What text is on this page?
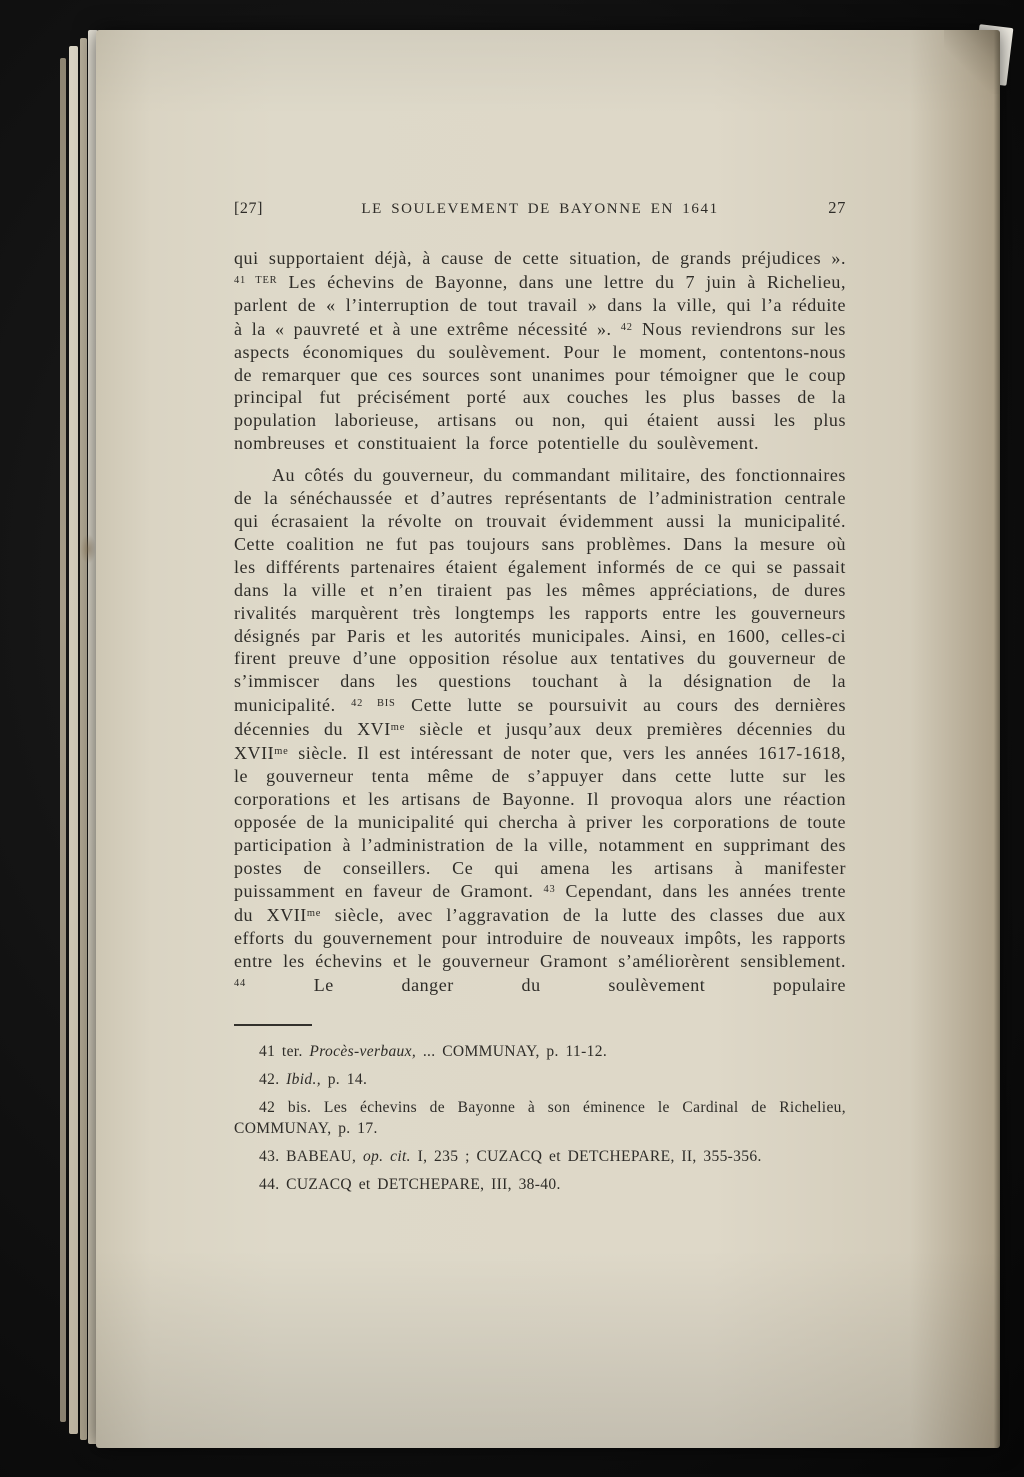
[27]	LE SOULEVEMENT DE BAYONNE EN 1641	27

qui supportaient déjà, à cause de cette situation, de grands préjudices ». $^{41 TER}$ Les échevins de Bayonne, dans une lettre du 7 juin à Richelieu, parlent de « l’interruption de tout travail » dans la ville, qui l’a réduite à la « pauvreté et à une extrême nécessité ». $^{42}$ Nous reviendrons sur les aspects économiques du soulèvement. Pour le moment, contentons-nous de remarquer que ces sources sont unanimes pour témoigner que le coup principal fut précisément porté aux couches les plus basses de la population laborieuse, artisans ou non, qui étaient aussi les plus nombreuses et constituaient la force potentielle du soulèvement.

Au côtés du gouverneur, du commandant militaire, des fonctionnaires de la sénéchaussée et d’autres représentants de l’administration centrale qui écrasaient la révolte on trouvait évidemment aussi la municipalité. Cette coalition ne fut pas toujours sans problèmes. Dans la mesure où les différents partenaires étaient également informés de ce qui se passait dans la ville et n’en tiraient pas les mêmes appréciations, de dures rivalités marquèrent très longtemps les rapports entre les gouverneurs désignés par Paris et les autorités municipales. Ainsi, en 1600, celles-ci firent preuve d’une opposition résolue aux tentatives du gouverneur de s’immiscer dans les questions touchant à la désignation de la municipalité. $^{42 BIS}$ Cette lutte se poursuivit au cours des dernières décennies du $XVI^{me}$ siècle et jusqu’aux deux premières décennies du $XVII^{me}$ siècle. Il est intéressant de noter que, vers les années 1617-1618, le gouverneur tenta même de s’appuyer dans cette lutte sur les corporations et les artisans de Bayonne. Il provoqua alors une réaction opposée de la municipalité qui chercha à priver les corporations de toute participation à l’administration de la ville, notamment en supprimant des postes de conseillers. Ce qui amena les artisans à manifester puissamment en faveur de Gramont. $^{43}$ Cependant, dans les années trente du $XVII^{me}$ siècle, avec l’aggravation de la lutte des classes due aux efforts du gouvernement pour introduire de nouveaux impôts, les rapports entre les échevins et le gouverneur Gramont s’améliorèrent sensiblement. $^{44}$ Le danger du soulèvement populaire

41 ter. Procès-verbaux, ... COMMUNAY, p. 11-12.

42. Ibid., p. 14.

42 bis. Les échevins de Bayonne à son éminence le Cardinal de Richelieu, COMMUNAY, p. 17.

43. BABEAU, op. cit. I, 235 ; CUZACQ et DETCHEPARE, II, 355-356.

44. CUZACQ et DETCHEPARE, III, 38-40.
